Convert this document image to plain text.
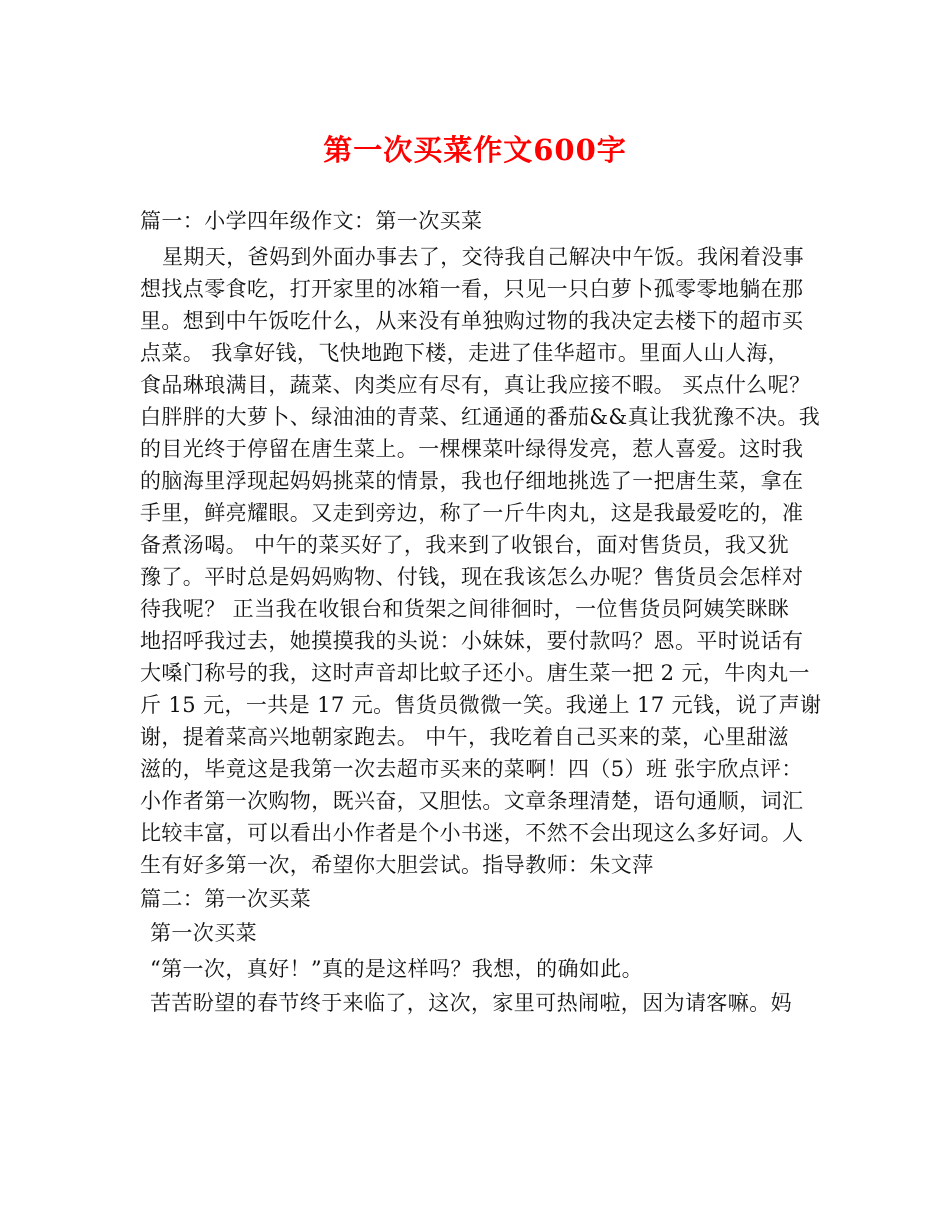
第一次买菜作文600字
篇一：小学四年级作文：第一次买菜
星期天，爸妈到外面办事去了，交待我自己解决中午饭。我闲着没事
想找点零食吃，打开家里的冰箱一看，只见一只白萝卜孤零零地躺在那
里。想到中午饭吃什么，从来没有单独购过物的我决定去楼下的超市买
点菜。 我拿好钱，飞快地跑下楼，走进了佳华超市。里面人山人海，
食品琳琅满目，蔬菜、肉类应有尽有，真让我应接不暇。 买点什么呢？
白胖胖的大萝卜、绿油油的青菜、红通通的番茄&&真让我犹豫不决。我
的目光终于停留在唐生菜上。一棵棵菜叶绿得发亮，惹人喜爱。这时我
的脑海里浮现起妈妈挑菜的情景，我也仔细地挑选了一把唐生菜，拿在
手里，鲜亮耀眼。又走到旁边，称了一斤牛肉丸，这是我最爱吃的，准
备煮汤喝。 中午的菜买好了，我来到了收银台，面对售货员，我又犹
豫了。平时总是妈妈购物、付钱，现在我该怎么办呢？售货员会怎样对
待我呢？ 正当我在收银台和货架之间徘徊时，一位售货员阿姨笑眯眯
地招呼我过去，她摸摸我的头说：小妹妹，要付款吗？恩。平时说话有
大嗓门称号的我，这时声音却比蚊子还小。唐生菜一把 2 元，牛肉丸一
斤 15 元，一共是 17 元。售货员微微一笑。我递上 17 元钱，说了声谢
谢，提着菜高兴地朝家跑去。 中午，我吃着自己买来的菜，心里甜滋
滋的，毕竟这是我第一次去超市买来的菜啊！四（5）班 张宇欣点评：
小作者第一次购物，既兴奋，又胆怯。文章条理清楚，语句通顺，词汇
比较丰富，可以看出小作者是个小书迷，不然不会出现这么多好词。人
生有好多第一次，希望你大胆尝试。指导教师：朱文萍
篇二：第一次买菜
第一次买菜
“第一次，真好！”真的是这样吗？我想，的确如此。
苦苦盼望的春节终于来临了，这次，家里可热闹啦，因为请客嘛。妈
